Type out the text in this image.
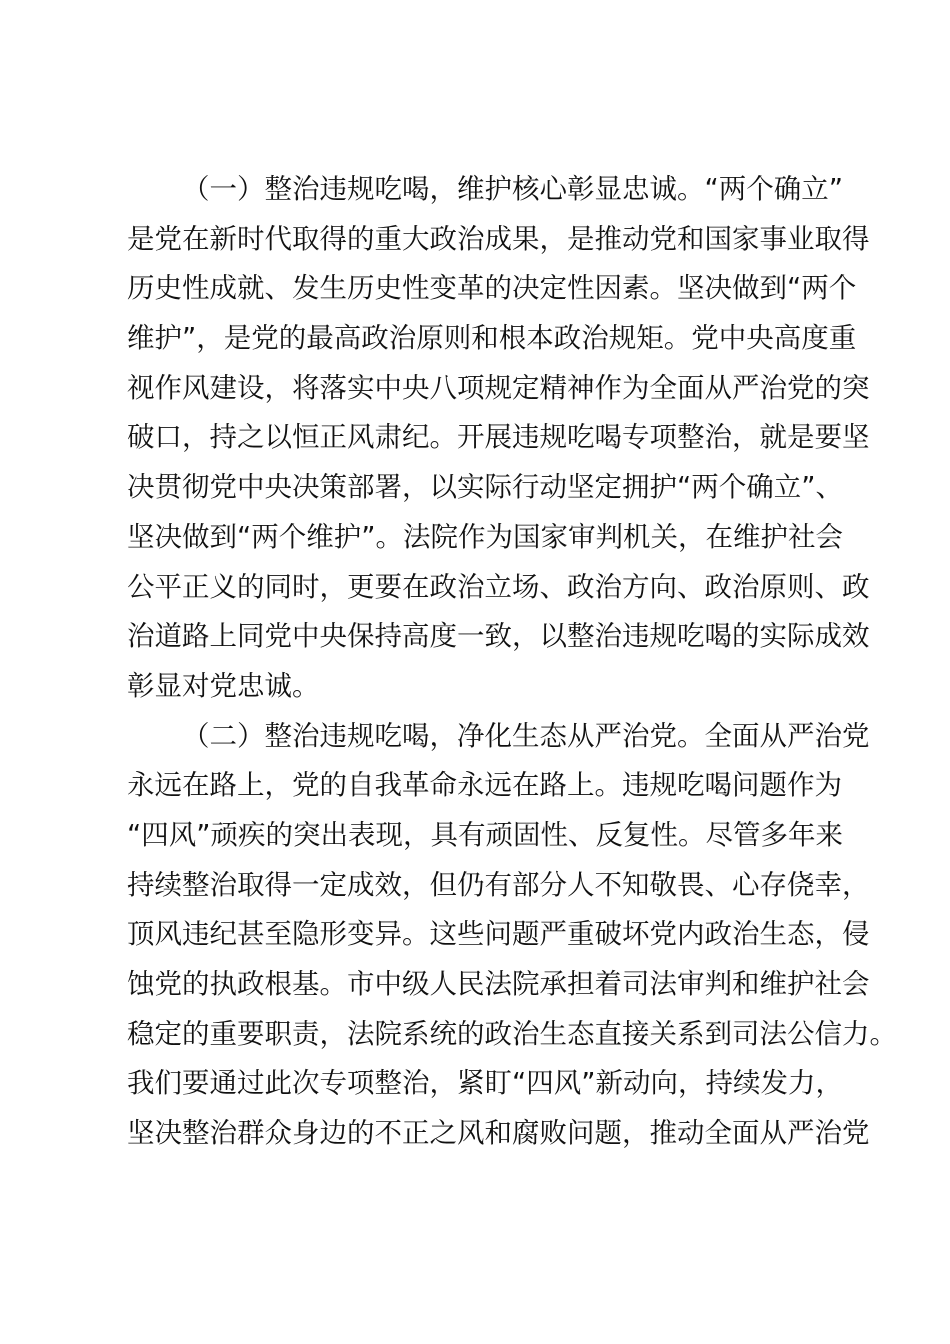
（一）整治违规吃喝，维护核心彰显忠诚。“两个确立”
是党在新时代取得的重大政治成果，是推动党和国家事业取得
历史性成就、发生历史性变革的决定性因素。坚决做到“两个
维护”，是党的最高政治原则和根本政治规矩。党中央高度重
视作风建设，将落实中央八项规定精神作为全面从严治党的突
破口，持之以恒正风肃纪。开展违规吃喝专项整治，就是要坚
决贯彻党中央决策部署，以实际行动坚定拥护“两个确立”、
坚决做到“两个维护”。法院作为国家审判机关，在维护社会
公平正义的同时，更要在政治立场、政治方向、政治原则、政
治道路上同党中央保持高度一致，以整治违规吃喝的实际成效
彰显对党忠诚。
（二）整治违规吃喝，净化生态从严治党。全面从严治党
永远在路上，党的自我革命永远在路上。违规吃喝问题作为
“四风”顽疾的突出表现，具有顽固性、反复性。尽管多年来
持续整治取得一定成效，但仍有部分人不知敬畏、心存侥幸，
顶风违纪甚至隐形变异。这些问题严重破坏党内政治生态，侵
蚀党的执政根基。市中级人民法院承担着司法审判和维护社会
稳定的重要职责，法院系统的政治生态直接关系到司法公信力。
我们要通过此次专项整治，紧盯“四风”新动向，持续发力，
坚决整治群众身边的不正之风和腐败问题，推动全面从严治党
